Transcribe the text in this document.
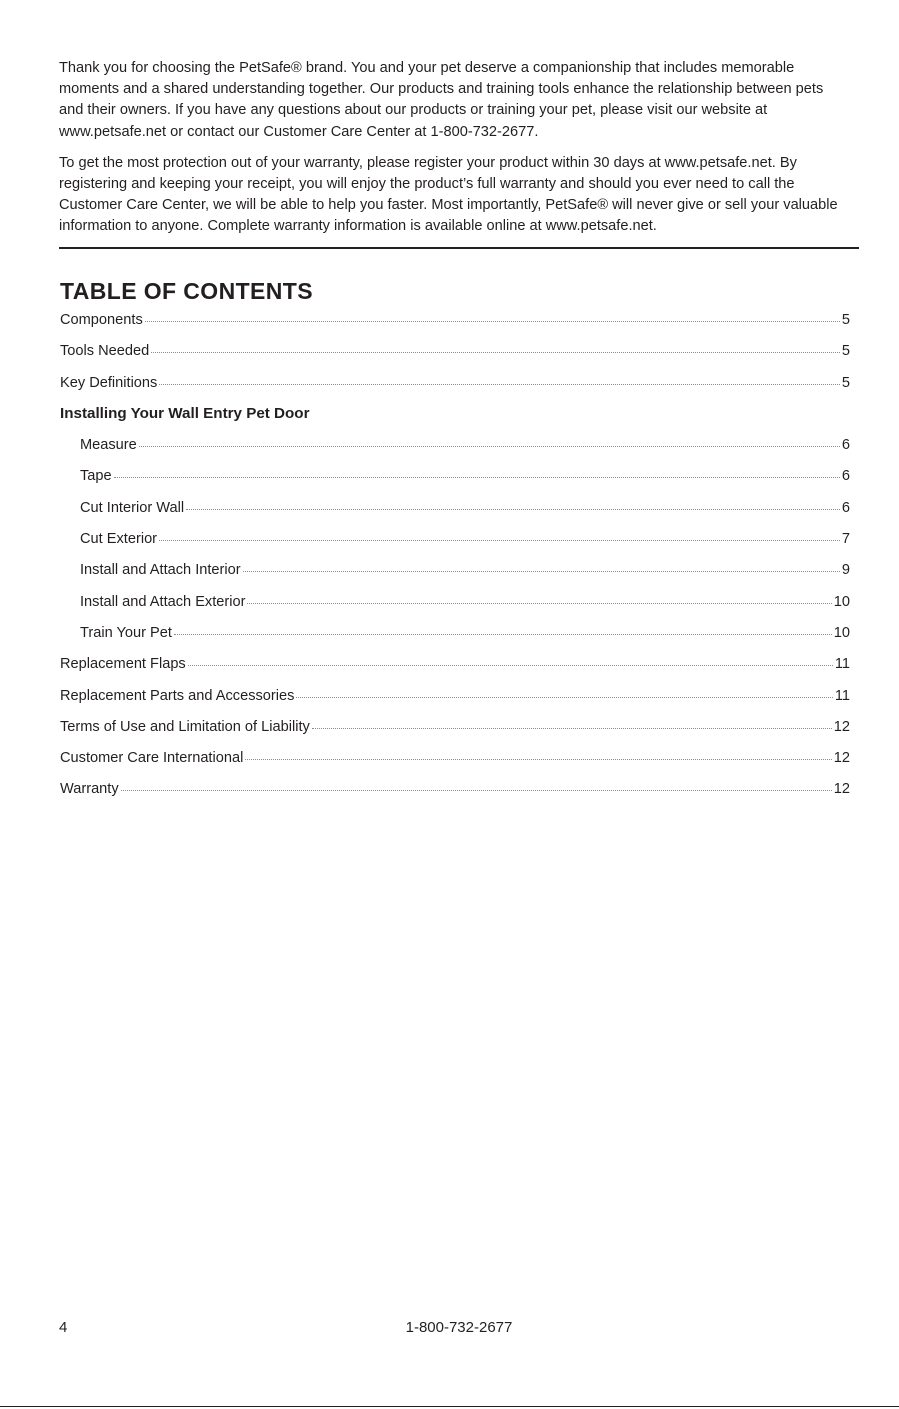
Thank you for choosing the PetSafe® brand. You and your pet deserve a companionship that includes memorable moments and a shared understanding together. Our products and training tools enhance the relationship between pets and their owners. If you have any questions about our products or training your pet, please visit our website at www.petsafe.net or contact our Customer Care Center at 1-800-732-2677.

To get the most protection out of your warranty, please register your product within 30 days at www.petsafe.net. By registering and keeping your receipt, you will enjoy the product’s full warranty and should you ever need to call the Customer Care Center, we will be able to help you faster. Most importantly, PetSafe® will never give or sell your valuable information to anyone. Complete warranty information is available online at www.petsafe.net.

TABLE OF CONTENTS
Components	5
Tools Needed	5
Key Definitions	5
Installing Your Wall Entry Pet Door
Measure	6
Tape	6
Cut Interior Wall	6
Cut Exterior	7
Install and Attach Interior	9
Install and Attach Exterior	10
Train Your Pet	10
Replacement Flaps	11
Replacement Parts and Accessories	11
Terms of Use and Limitation of Liability	12
Customer Care International	12
Warranty	12
4	1-800-732-2677
